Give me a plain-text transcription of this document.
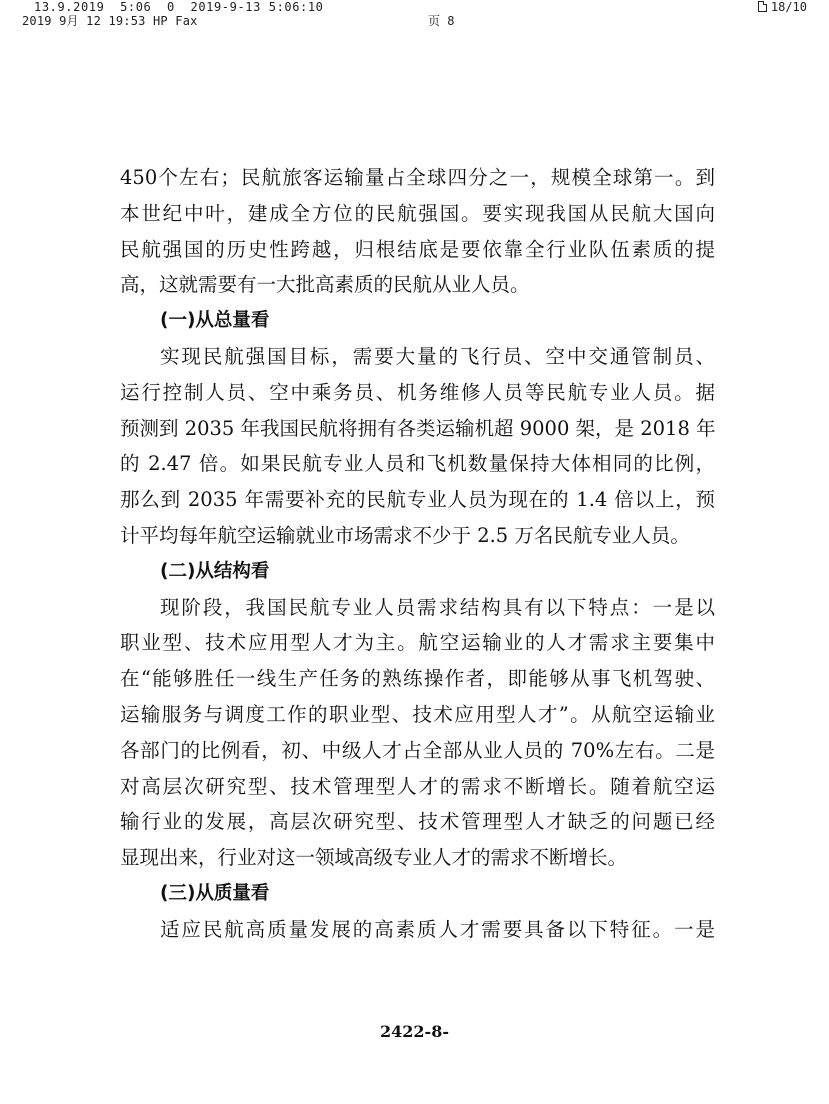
13.9.2019  5:06  0  2019-9-13 5:06:10
2019 9月 12 19:53 HP Fax	页 8
18/10
450个左右；民航旅客运输量占全球四分之一，规模全球第一。到
本世纪中叶，建成全方位的民航强国。要实现我国从民航大国向
民航强国的历史性跨越，归根结底是要依靠全行业队伍素质的提
高，这就需要有一大批高素质的民航从业人员。
(一)从总量看
实现民航强国目标，需要大量的飞行员、空中交通管制员、
运行控制人员、空中乘务员、机务维修人员等民航专业人员。据
预测到 2035 年我国民航将拥有各类运输机超 9000 架，是 2018 年
的 2.47 倍。如果民航专业人员和飞机数量保持大体相同的比例，
那么到 2035 年需要补充的民航专业人员为现在的 1.4 倍以上，预
计平均每年航空运输就业市场需求不少于 2.5 万名民航专业人员。
(二)从结构看
现阶段，我国民航专业人员需求结构具有以下特点：一是以
职业型、技术应用型人才为主。航空运输业的人才需求主要集中
在“能够胜任一线生产任务的熟练操作者，即能够从事飞机驾驶、
运输服务与调度工作的职业型、技术应用型人才”。从航空运输业
各部门的比例看，初、中级人才占全部从业人员的 70%左右。二是
对高层次研究型、技术管理型人才的需求不断增长。随着航空运
输行业的发展，高层次研究型、技术管理型人才缺乏的问题已经
显现出来，行业对这一领域高级专业人才的需求不断增长。
(三)从质量看
适应民航高质量发展的高素质人才需要具备以下特征。一是
2422-8-
